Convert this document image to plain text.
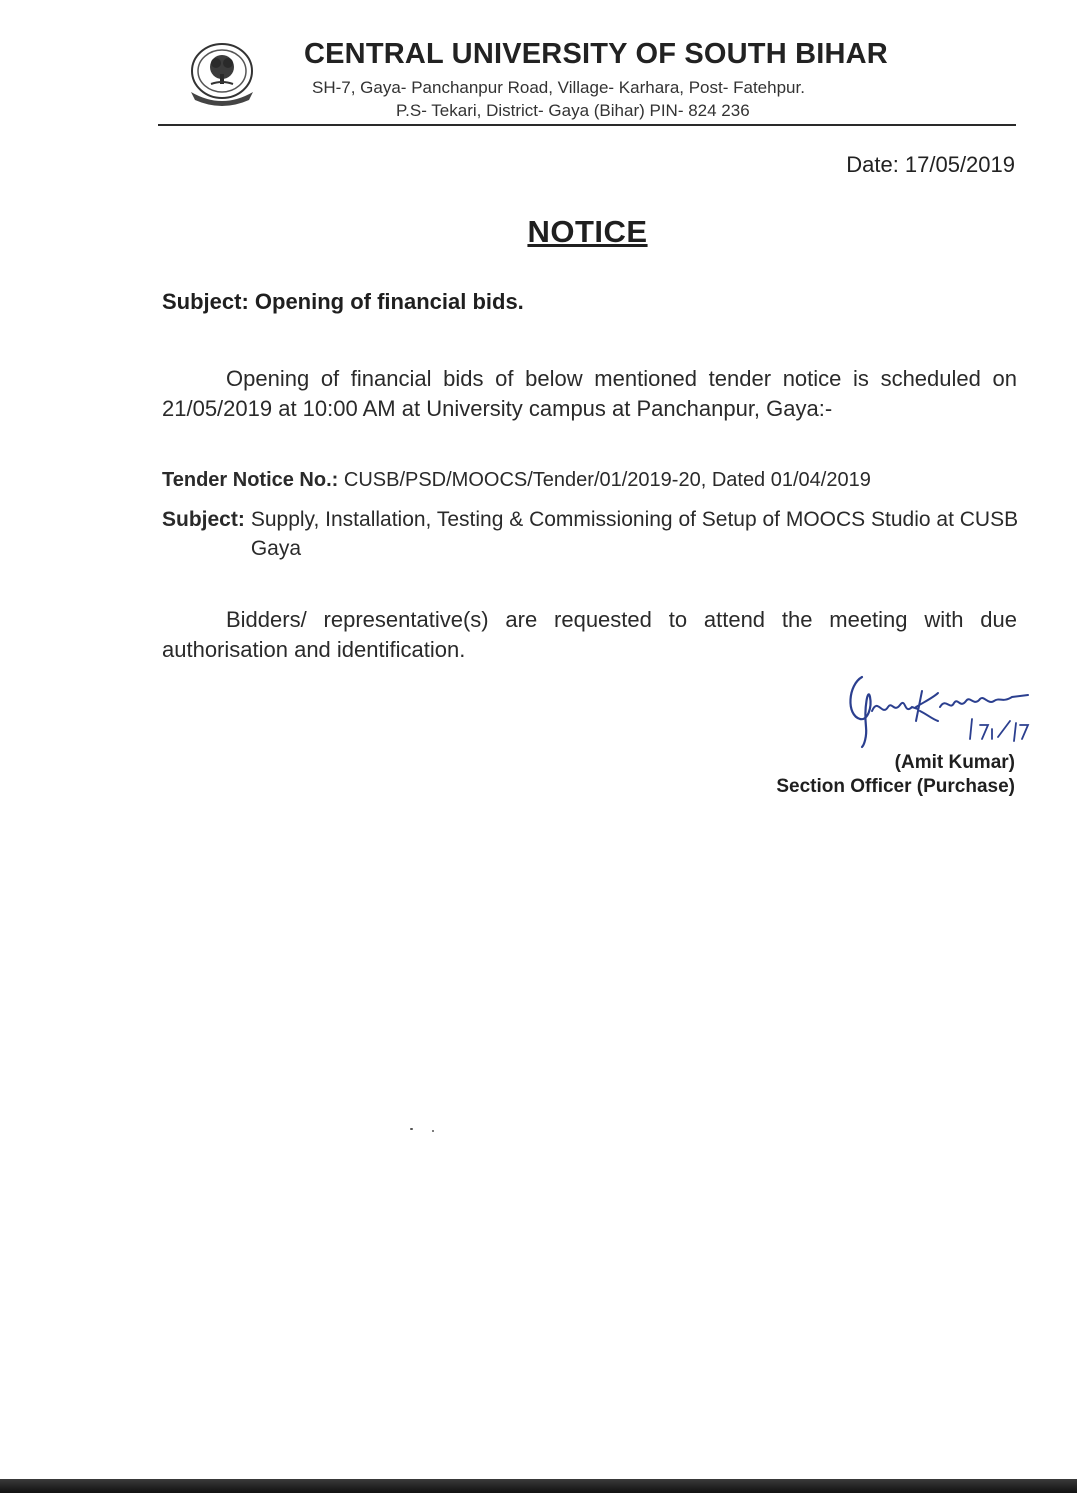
CENTRAL UNIVERSITY OF SOUTH BIHAR
SH-7, Gaya- Panchanpur Road, Village- Karhara, Post- Fatehpur.
P.S- Tekari, District- Gaya (Bihar) PIN- 824 236
Date: 17/05/2019
NOTICE
Subject: Opening of financial bids.
Opening of financial bids of below mentioned tender notice is scheduled on 21/05/2019 at 10:00 AM at University campus at Panchanpur, Gaya:-
Tender Notice No.: CUSB/PSD/MOOCS/Tender/01/2019-20, Dated 01/04/2019
Subject: Supply, Installation, Testing & Commissioning of Setup of MOOCS Studio at CUSB Gaya
Bidders/ representative(s) are requested to attend the meeting with due authorisation and identification.
(Amit Kumar)
Section Officer (Purchase)
